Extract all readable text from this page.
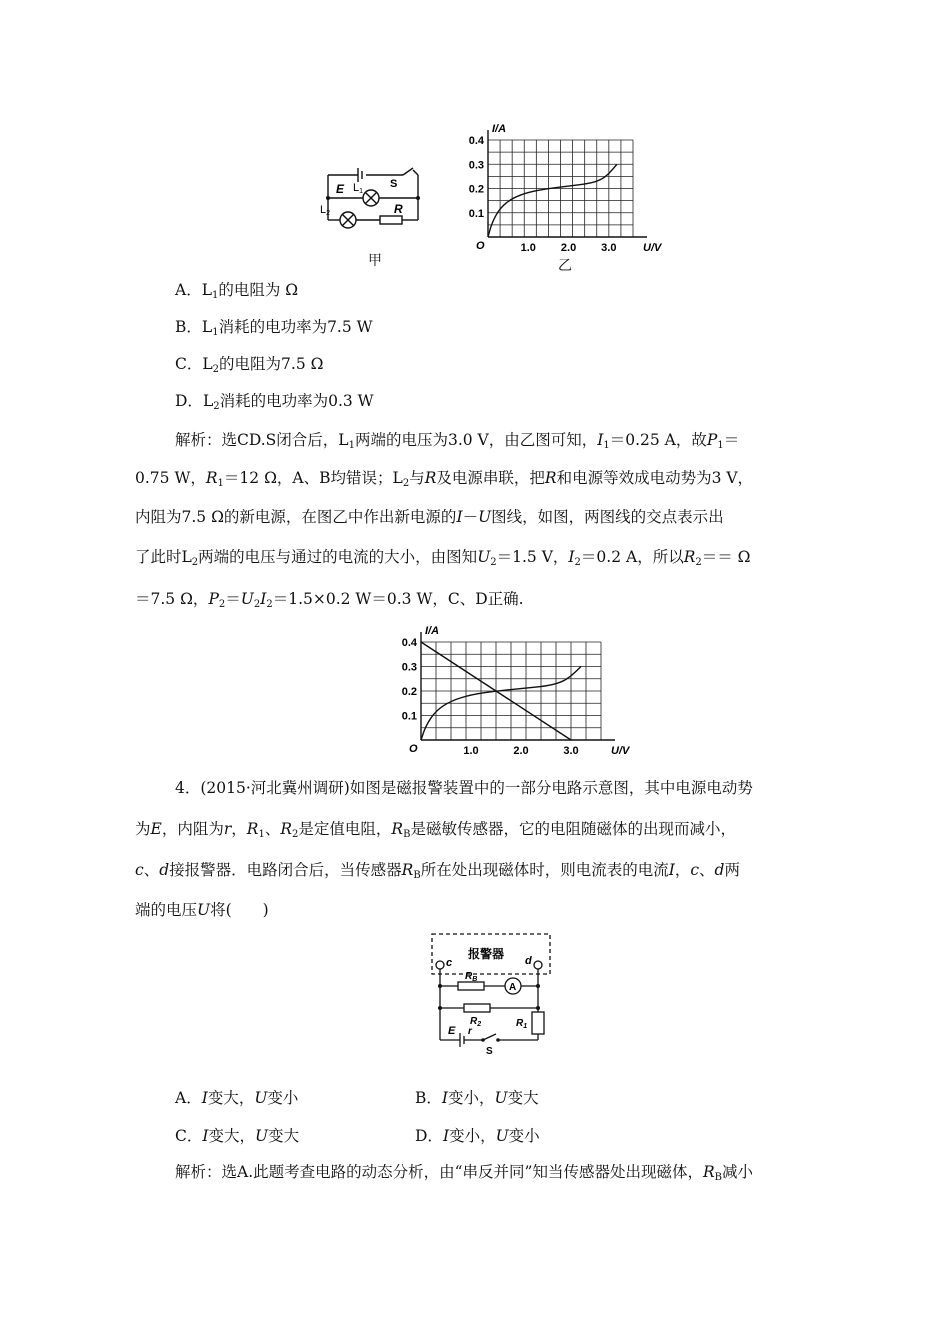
E L1
S
L2	R
甲
U/V
I/A
O	1.0 2.0 3.0
0.1
0.2
0.3
0.4
乙
A．$L_1$的电阻为 Ω
B．$L_1$消耗的电功率为7.5 W
C．$L_2$的电阻为7.5 Ω
D．$L_2$消耗的电功率为0.3 W
解析：选CD.S闭合后，$L_1$两端的电压为3.0 V，由乙图可知，$I_1=0.25$ A，故$P_1=$
0.75 W，$R_1=12$ Ω，A、B均错误；$L_2$与R及电源串联，把R和电源等效成电动势为3 V，
内阻为7.5 Ω的新电源，在图乙中作出新电源的I－U图线，如图，两图线的交点表示出
了此时$L_2$两端的电压与通过的电流的大小，由图知$U_2=1.5$ V，$I_2=0.2$ A，所以$R_2== \Omega$
＝7.5 Ω，$P_2=U_2I_2=1.5\times 0.2$ W＝0.3 W，C、D正确.
U/V
I/A
O	1.0	2.0	3.0
0.1
0.2
0.3
0.4
4．(2015·河北冀州调研)如图是磁报警装置中的一部分电路示意图，其中电源电动势
为E，内阻为r，$R_1$、$R_2$是定值电阻，$R_B$是磁敏传感器，它的电阻随磁体的出现而减小，
c、d接报警器．电路闭合后，当传感器$R_B$所在处出现磁体时，则电流表的电流I，c、d两
端的电压U将(　　)
报警器
c	d
$R_B$
A
$R_2$	$R_1$
E r
S
A．I变大，U变小	B．I变小，U变大
C．I变大，U变大	D．I变小，U变小
解析：选A.此题考查电路的动态分析，由“串反并同”知当传感器处出现磁体，$R_B$减小
